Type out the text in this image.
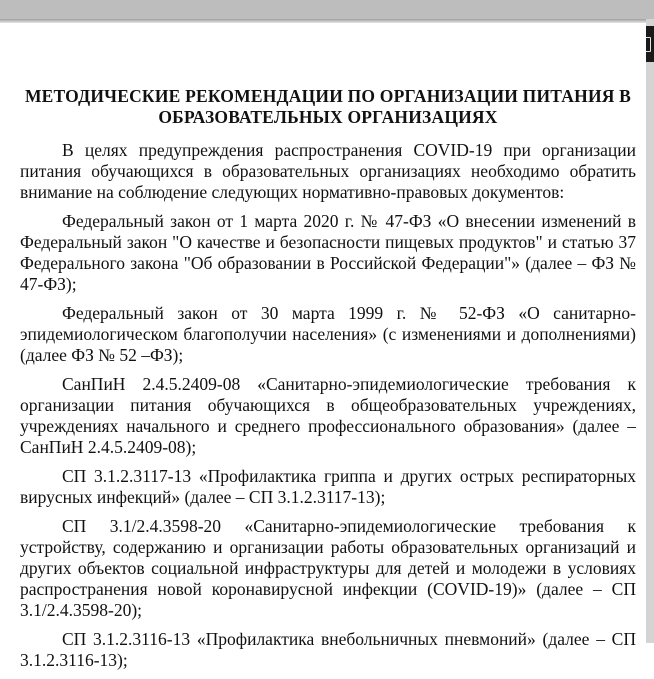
МЕТОДИЧЕСКИЕ РЕКОМЕНДАЦИИ ПО ОРГАНИЗАЦИИ ПИТАНИЯ В ОБРАЗОВАТЕЛЬНЫХ ОРГАНИЗАЦИЯХ

В целях предупреждения распространения COVID-19 при организации питания обучающихся в образовательных организациях необходимо обратить внимание на соблюдение следующих нормативно-правовых документов:

Федеральный закон от 1 марта 2020 г. № 47-ФЗ «О внесении изменений в Федеральный закон "О качестве и безопасности пищевых продуктов" и статью 37 Федерального закона "Об образовании в Российской Федерации"» (далее – ФЗ № 47-ФЗ);

Федеральный закон от 30 марта 1999 г. № 52-ФЗ «О санитарно-эпидемиологическом благополучии населения» (с изменениями и дополнениями) (далее ФЗ № 52 –ФЗ);

СанПиН 2.4.5.2409-08 «Санитарно-эпидемиологические требования к организации питания обучающихся в общеобразовательных учреждениях, учреждениях начального и среднего профессионального образования» (далее – СанПиН 2.4.5.2409-08);

СП 3.1.2.3117-13 «Профилактика гриппа и других острых респираторных вирусных инфекций» (далее – СП 3.1.2.3117-13);

СП 3.1/2.4.3598-20 «Санитарно-эпидемиологические требования к устройству, содержанию и организации работы образовательных организаций и других объектов социальной инфраструктуры для детей и молодежи в условиях распространения новой коронавирусной инфекции (COVID-19)» (далее – СП 3.1/2.4.3598-20);

СП 3.1.2.3116-13 «Профилактика внебольничных пневмоний» (далее – СП 3.1.2.3116-13);
